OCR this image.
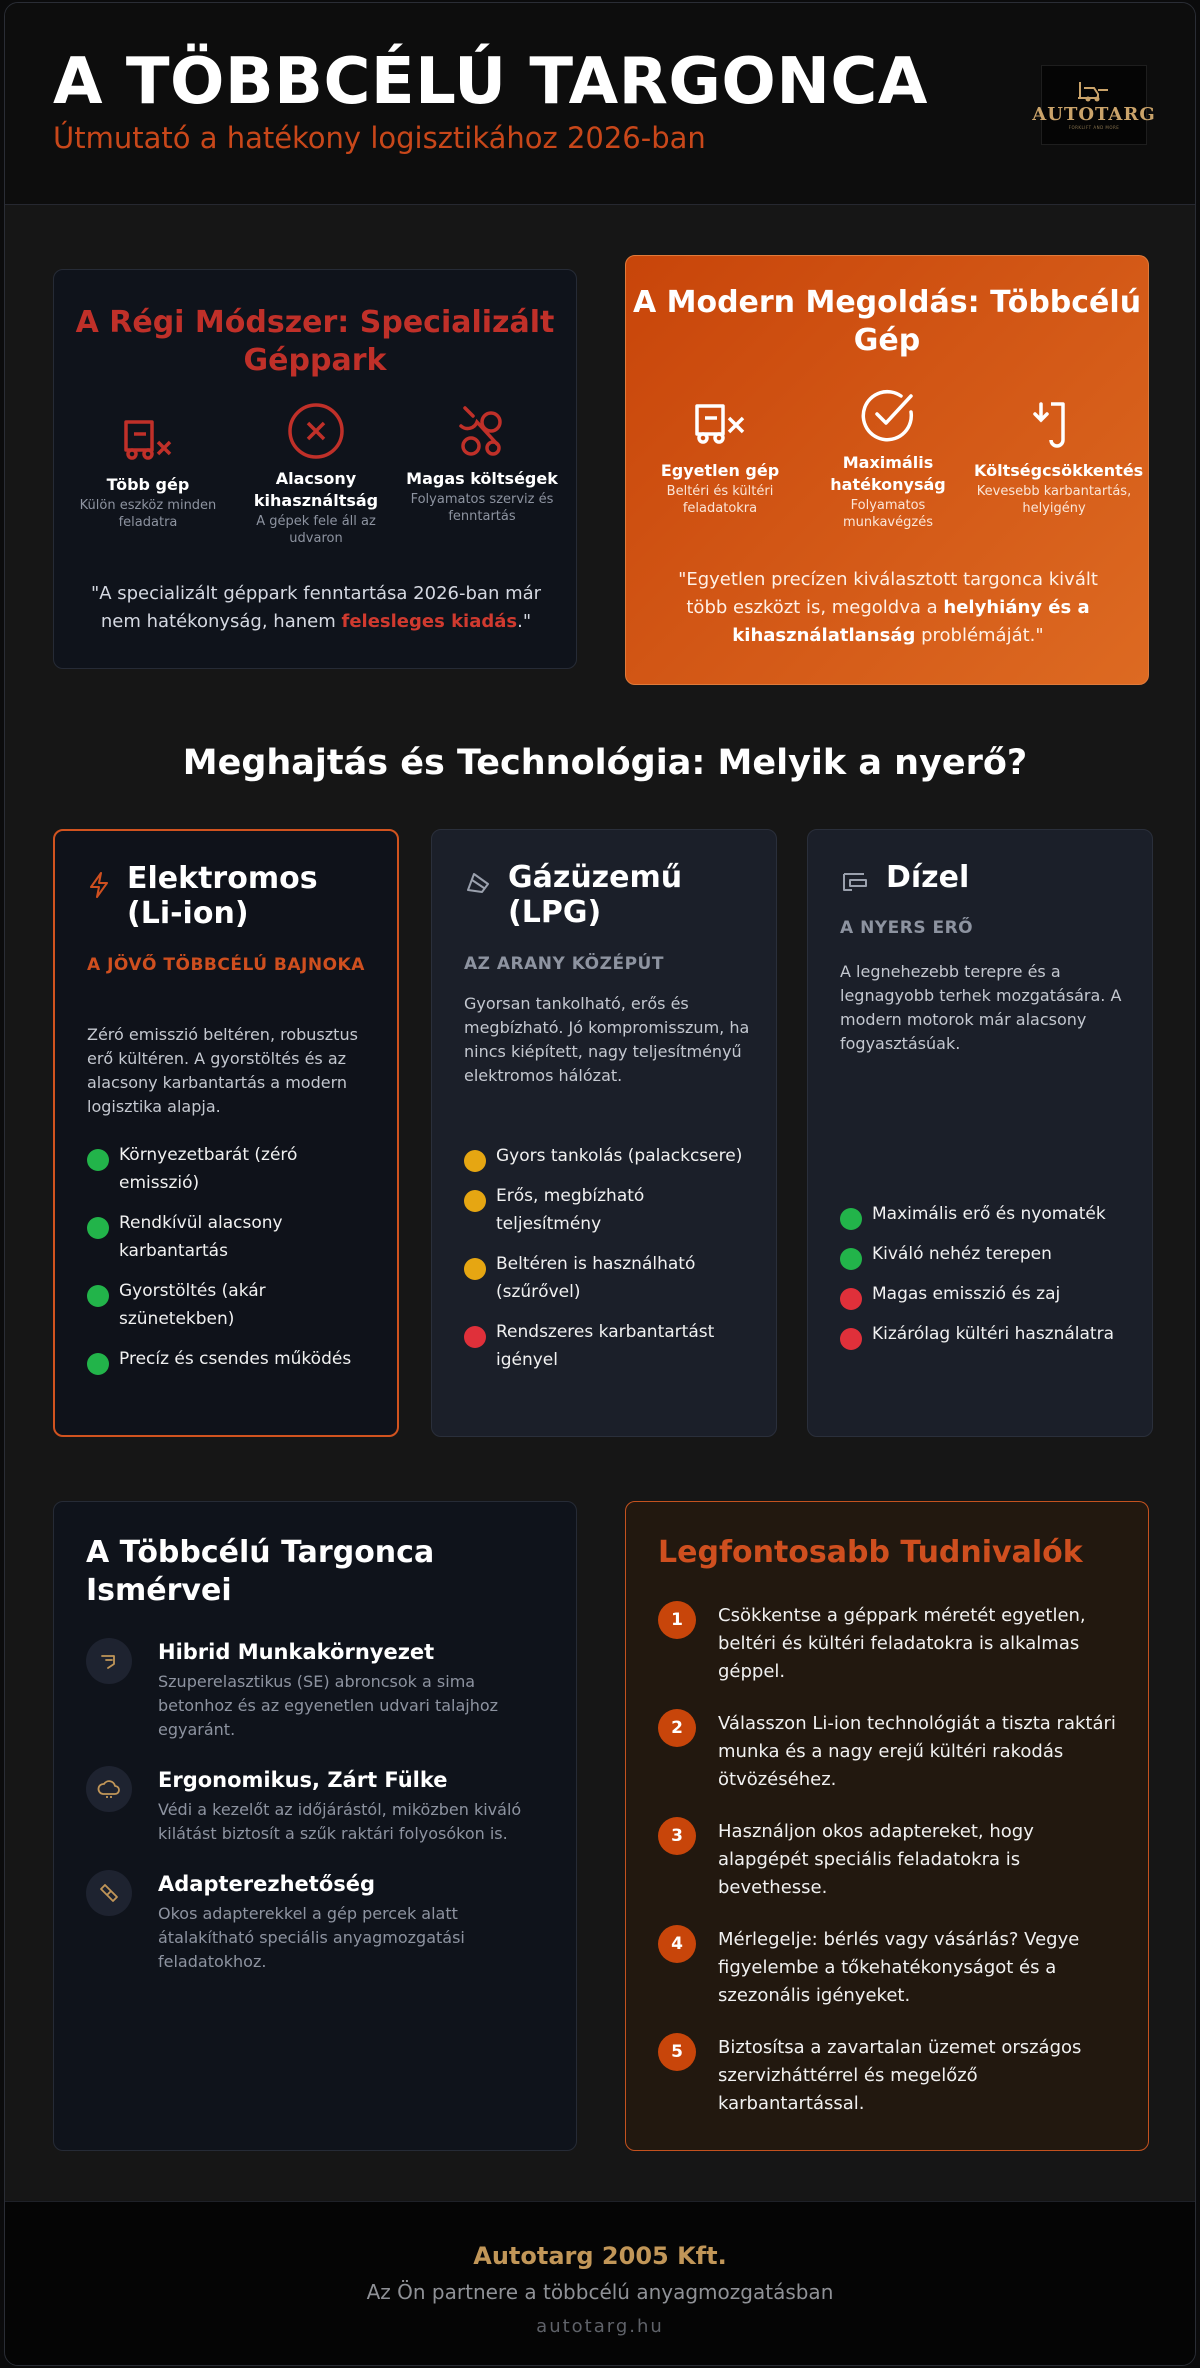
A TÖBBCÉLÚ TARGONCA
Útmutató a hatékony logisztikához 2026-ban
AUTOTARG
FORKLIFT AND MORE
A Régi Módszer: Specializált Géppark
Több gép
Külön eszköz minden feladatra
Alacsony kihasználtság
A gépek fele áll az udvaron
Magas költségek
Folyamatos szerviz és fenntartás
"A specializált géppark fenntartása 2026-ban már nem hatékonyság, hanem felesleges kiadás."
A Modern Megoldás: Többcélú Gép
Egyetlen gép
Beltéri és kültéri feladatokra
Maximális hatékonyság
Folyamatos munkavégzés
Költségcsökkentés
Kevesebb karbantartás, helyigény
"Egyetlen precízen kiválasztott targonca kivált több eszközt is, megoldva a helyhiány és a kihasználatlanság problémáját."
Meghajtás és Technológia: Melyik a nyerő?
Elektromos (Li-ion)
A JÖVŐ TÖBBCÉLÚ BAJNOKA
Zéró emisszió beltéren, robusztus erő kültéren. A gyorstöltés és az alacsony karbantartás a modern logisztika alapja.
Környezetbarát (zéró emisszió)
Rendkívül alacsony karbantartás
Gyorstöltés (akár szünetekben)
Precíz és csendes működés
Gázüzemű (LPG)
AZ ARANY KÖZÉPÚT
Gyorsan tankolható, erős és megbízható. Jó kompromisszum, ha nincs kiépített, nagy teljesítményű elektromos hálózat.
Gyors tankolás (palackcsere)
Erős, megbízható teljesítmény
Beltéren is használható (szűrővel)
Rendszeres karbantartást igényel
Dízel
A NYERS ERŐ
A legnehezebb terepre és a legnagyobb terhek mozgatására. A modern motorok már alacsony fogyasztásúak.
Maximális erő és nyomaték
Kiváló nehéz terepen
Magas emisszió és zaj
Kizárólag kültéri használatra
A Többcélú Targonca Ismérvei
Hibrid Munkakörnyezet
Szuperelasztikus (SE) abroncsok a sima betonhoz és az egyenetlen udvari talajhoz egyaránt.
Ergonomikus, Zárt Fülke
Védi a kezelőt az időjárástól, miközben kiváló kilátást biztosít a szűk raktári folyosókon is.
Adapterezhetőség
Okos adapterekkel a gép percek alatt átalakítható speciális anyagmozgatási feladatokhoz.
Legfontosabb Tudnivalók
1	Csökkentse a géppark méretét egyetlen, beltéri és kültéri feladatokra is alkalmas géppel.
2	Válasszon Li-ion technológiát a tiszta raktári munka és a nagy erejű kültéri rakodás ötvözéséhez.
3	Használjon okos adaptereket, hogy alapgépét speciális feladatokra is bevethesse.
4	Mérlegelje: bérlés vagy vásárlás? Vegye figyelembe a tőkehatékonyságot és a szezonális igényeket.
5	Biztosítsa a zavartalan üzemet országos szervizháttérrel és megelőző karbantartással.
Autotarg 2005 Kft.
Az Ön partnere a többcélú anyagmozgatásban
autotarg.hu
